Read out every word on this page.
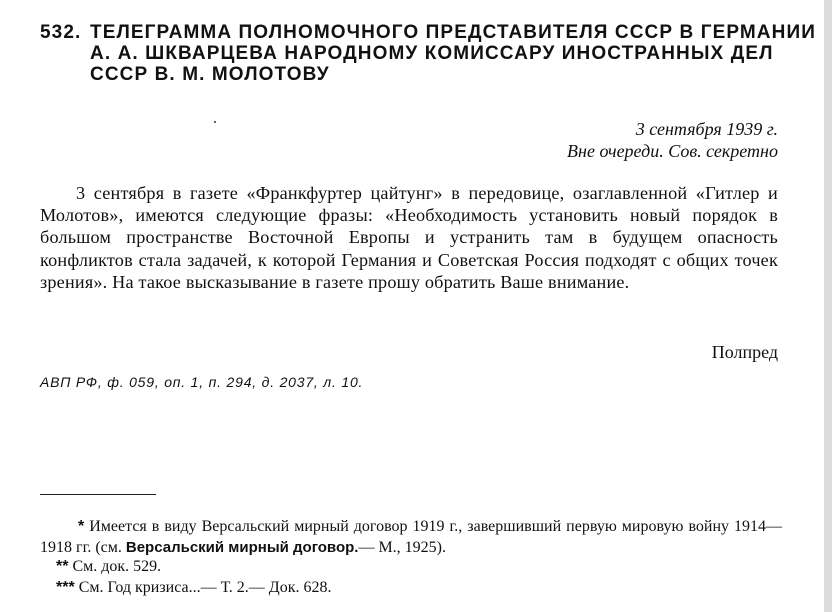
532. ТЕЛЕГРАММА ПОЛНОМОЧНОГО ПРЕДСТАВИТЕЛЯ СССР В ГЕРМАНИИ А. А. ШКВАРЦЕВА НАРОДНОМУ КОМИССАРУ ИНОСТРАННЫХ ДЕЛ СССР В. М. МОЛОТОВУ
3 сентября 1939 г.
Вне очереди. Сов. секретно
3 сентября в газете «Франкфуртер цайтунг» в передовице, озаглавленной «Гитлер и Молотов», имеются следующие фразы: «Необходимость установить новый порядок в большом пространстве Восточной Европы и устранить там в будущем опасность конфликтов стала задачей, к которой Германия и Советская Россия подходят с общих точек зрения». На такое высказывание в газете прошу обратить Ваше внимание.
Полпред
АВП РФ, ф. 059, оп. 1, п. 294, д. 2037, л. 10.
* Имеется в виду Версальский мирный договор 1919 г., завершивший первую мировую войну 1914—1918 гг. (см. Версальский мирный договор.— М., 1925).
** См. док. 529.
*** См. Год кризиса...— Т. 2.— Док. 628.
